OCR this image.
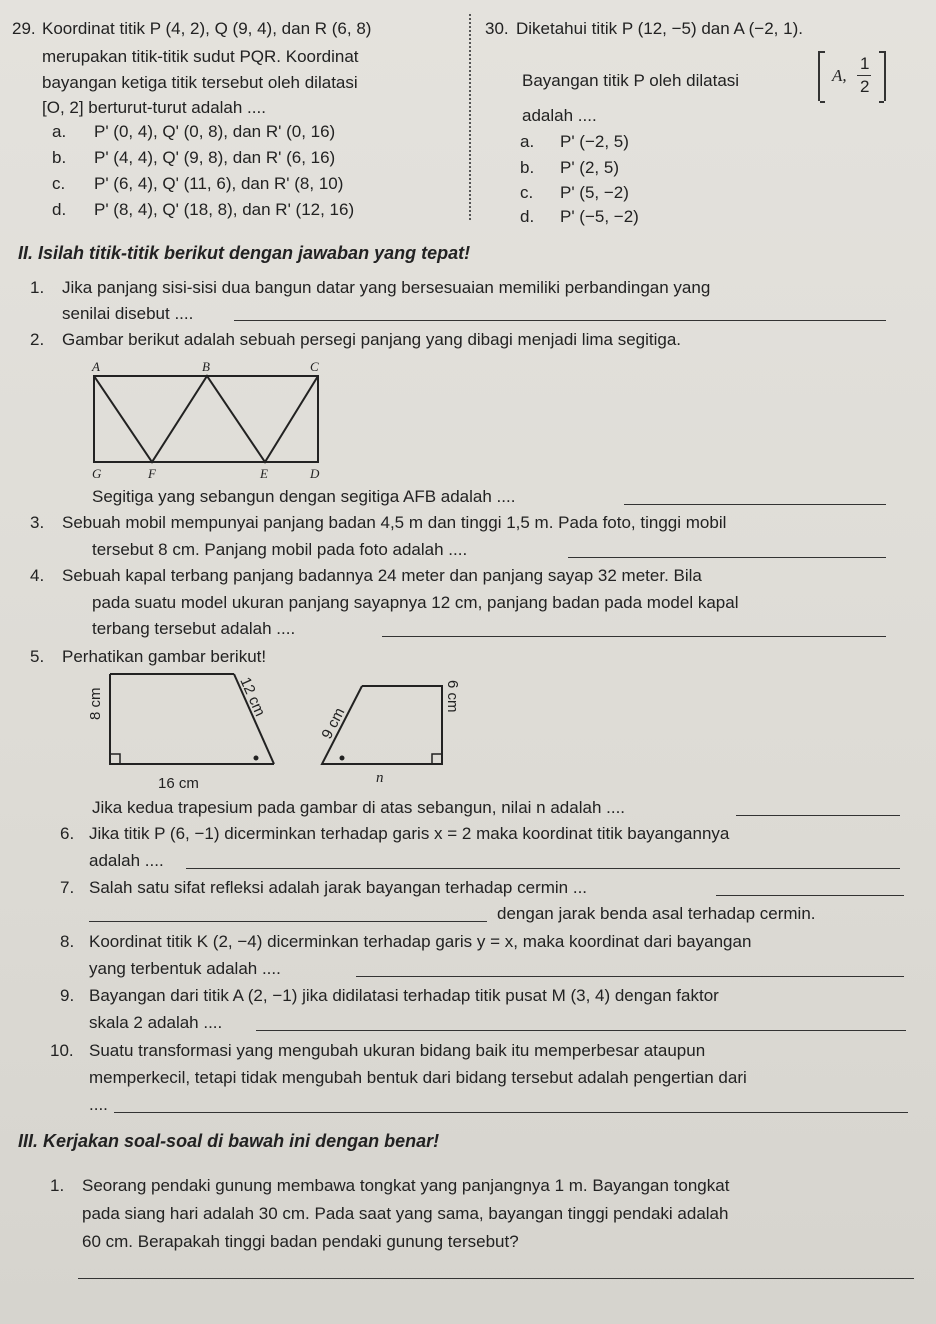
29. Koordinat titik P (4, 2), Q (9, 4), dan R (6, 8)
merupakan titik-titik sudut PQR. Koordinat
bayangan ketiga titik tersebut oleh dilatasi
[O, 2] berturut-turut adalah ....
a. P' (0, 4), Q' (0, 8), dan R' (0, 16)
b. P' (4, 4), Q' (9, 8), dan R' (6, 16)
c. P' (6, 4), Q' (11, 6), dan R' (8, 10)
d. P' (8, 4), Q' (18, 8), dan R' (12, 16)
30. Diketahui titik P (12, −5) dan A (−2, 1).
Bayangan titik P oleh dilatasi	A,
1
2
adalah ....
a. P' (−2, 5)
b. P' (2, 5)
c. P' (5, −2)
d. P' (−5, −2)
II. Isilah titik-titik berikut dengan jawaban yang tepat!
1. Jika panjang sisi-sisi dua bangun datar yang bersesuaian memiliki perbandingan yang
senilai disebut ....
2. Gambar berikut adalah sebuah persegi panjang yang dibagi menjadi lima segitiga.
A	B	C
G	F	E	D
Segitiga yang sebangun dengan segitiga AFB adalah ....
3. Sebuah mobil mempunyai panjang badan 4,5 m dan tinggi 1,5 m. Pada foto, tinggi mobil
tersebut 8 cm. Panjang mobil pada foto adalah ....
4. Sebuah kapal terbang panjang badannya 24 meter dan panjang sayap 32 meter. Bila
pada suatu model ukuran panjang sayapnya 12 cm, panjang badan pada model kapal
terbang tersebut adalah ....
5. Perhatikan gambar berikut!
8 cm	12 cm
16 cm
9 cm
6 cm
n
Jika kedua trapesium pada gambar di atas sebangun, nilai n adalah ....
6. Jika titik P (6, −1) dicerminkan terhadap garis x = 2 maka koordinat titik bayangannya
adalah ....
7. Salah satu sifat refleksi adalah jarak bayangan terhadap cermin ...
dengan jarak benda asal terhadap cermin.
8. Koordinat titik K (2, −4) dicerminkan terhadap garis y = x, maka koordinat dari bayangan
yang terbentuk adalah ....
9. Bayangan dari titik A (2, −1) jika didilatasi terhadap titik pusat M (3, 4) dengan faktor
skala 2 adalah ....
10. Suatu transformasi yang mengubah ukuran bidang baik itu memperbesar ataupun
memperkecil, tetapi tidak mengubah bentuk dari bidang tersebut adalah pengertian dari
....
III. Kerjakan soal-soal di bawah ini dengan benar!
1. Seorang pendaki gunung membawa tongkat yang panjangnya 1 m. Bayangan tongkat
pada siang hari adalah 30 cm. Pada saat yang sama, bayangan tinggi pendaki adalah
60 cm. Berapakah tinggi badan pendaki gunung tersebut?
